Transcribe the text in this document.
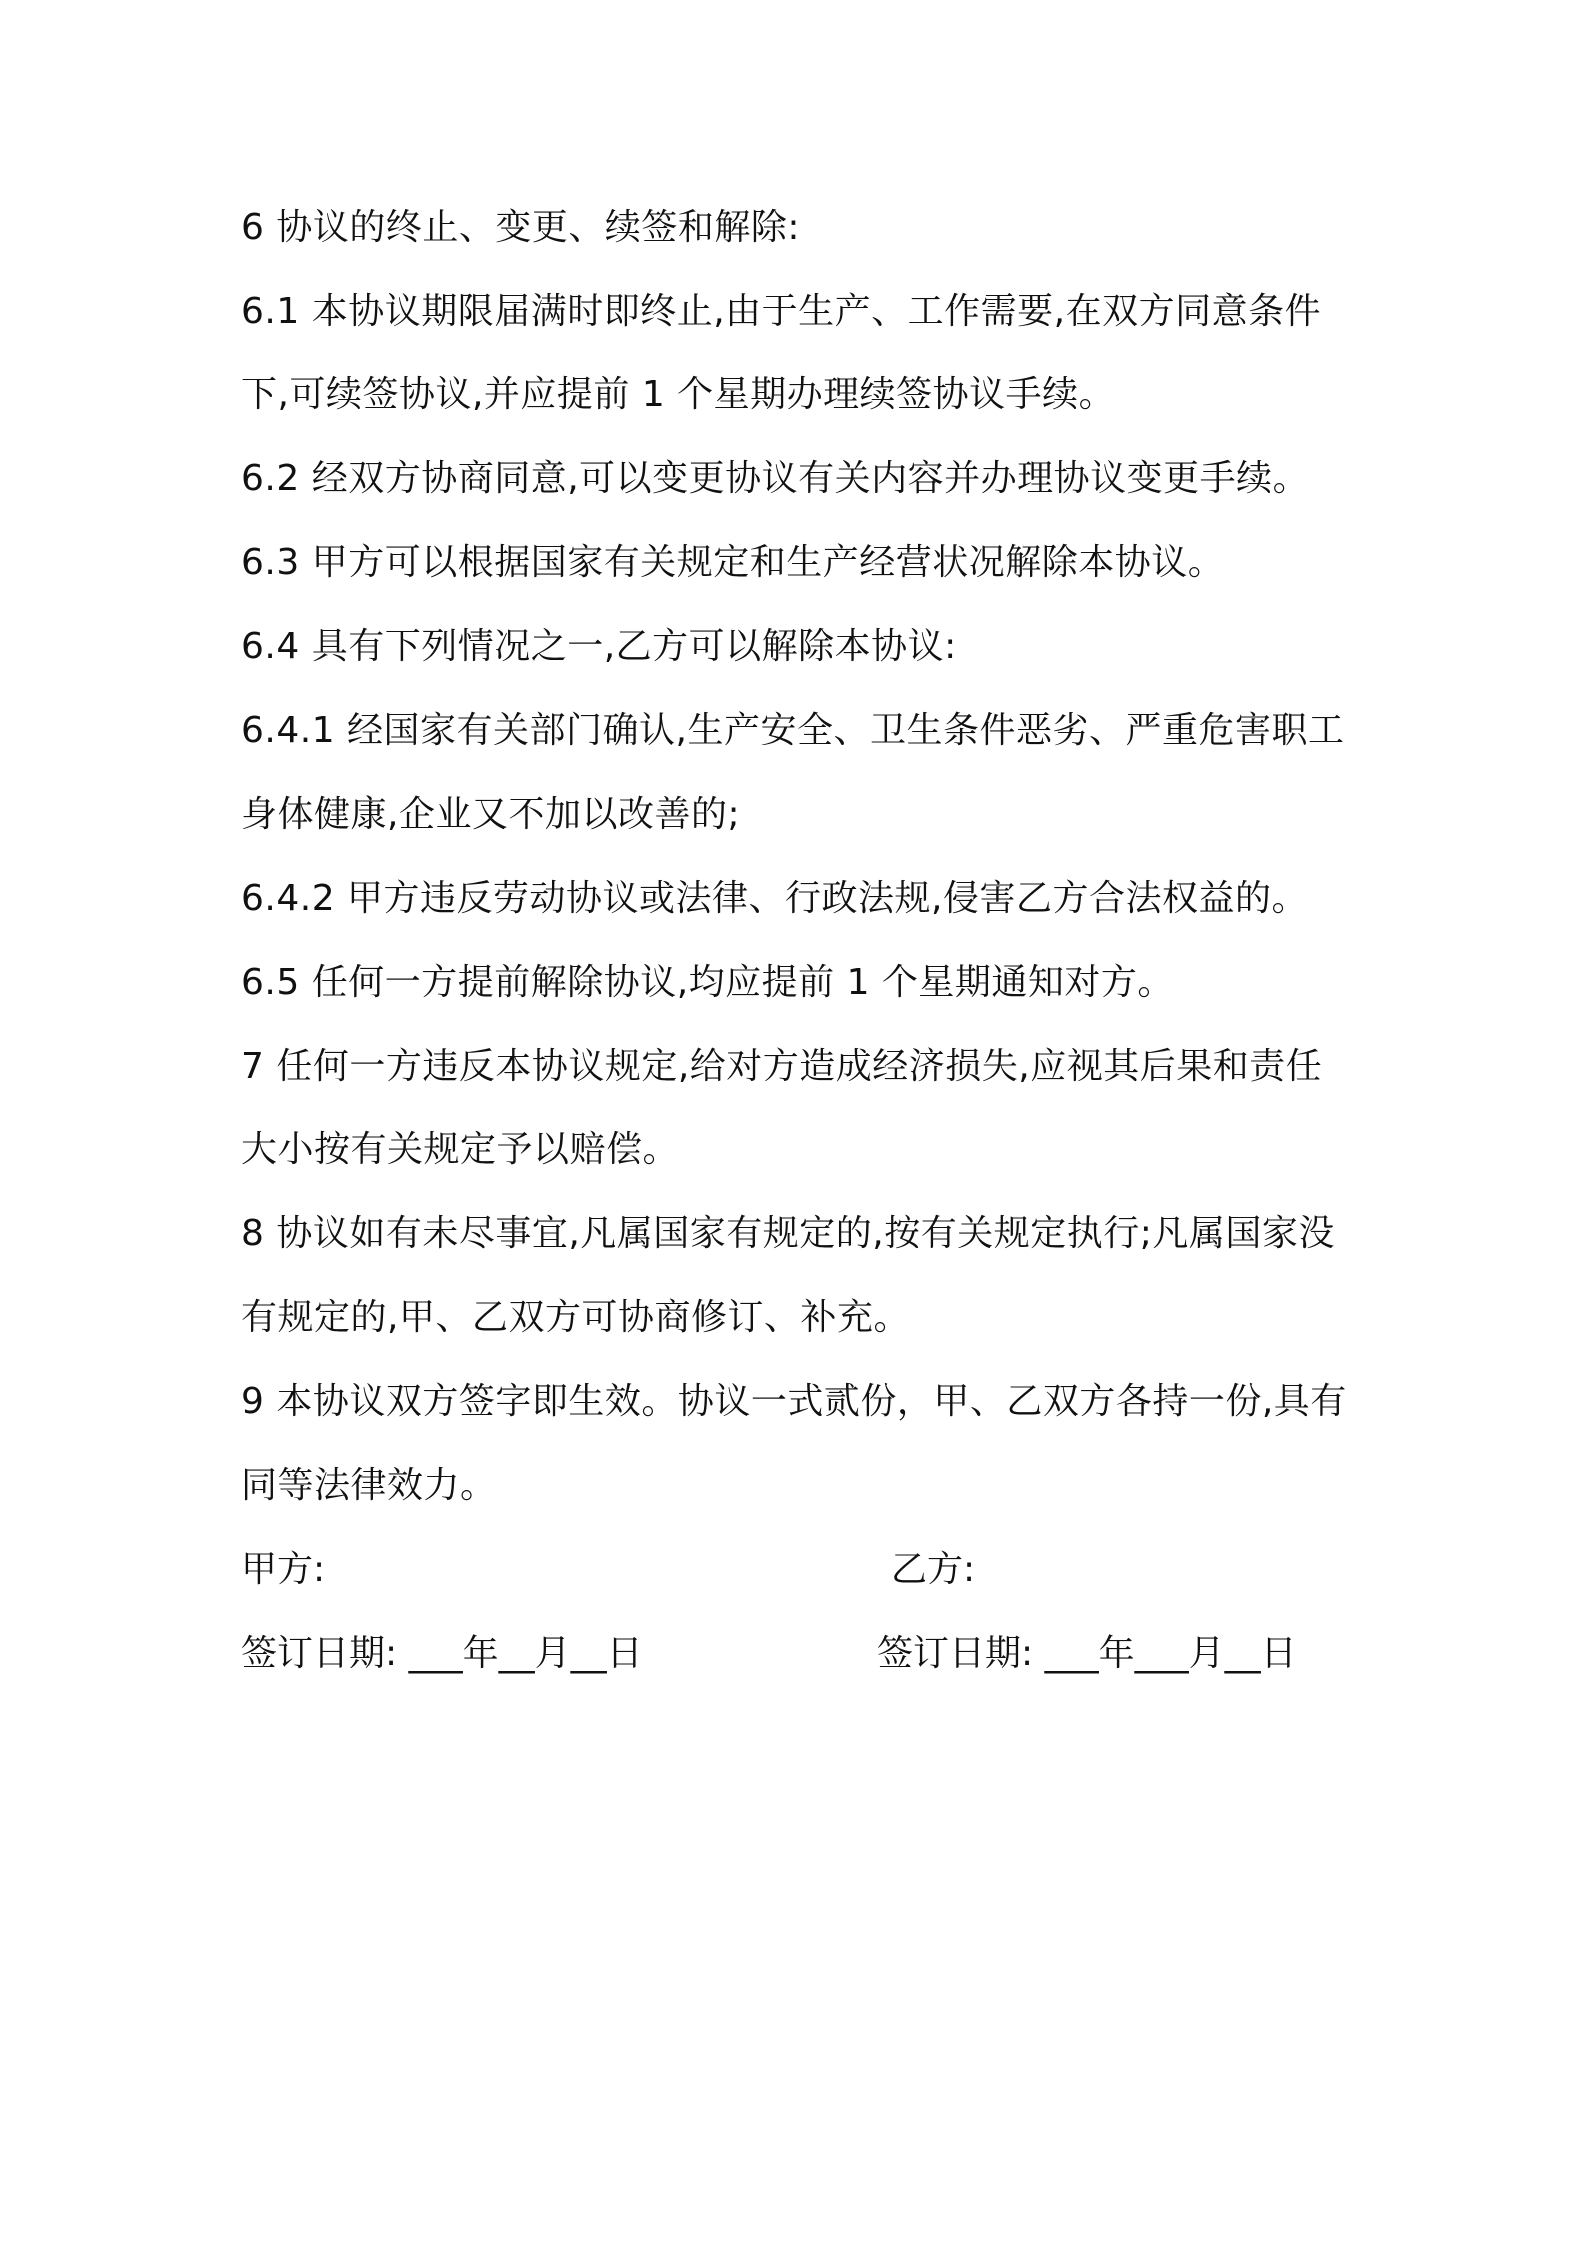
6 协议的终止、变更、续签和解除:
6.1 本协议期限届满时即终止,由于生产、工作需要,在双方同意条件
下,可续签协议,并应提前 1 个星期办理续签协议手续。
6.2 经双方协商同意,可以变更协议有关内容并办理协议变更手续。
6.3 甲方可以根据国家有关规定和生产经营状况解除本协议。
6.4 具有下列情况之一,乙方可以解除本协议:
6.4.1 经国家有关部门确认,生产安全、卫生条件恶劣、严重危害职工
身体健康,企业又不加以改善的;
6.4.2 甲方违反劳动协议或法律、行政法规,侵害乙方合法权益的。
6.5 任何一方提前解除协议,均应提前 1 个星期通知对方。
7 任何一方违反本协议规定,给对方造成经济损失,应视其后果和责任
大小按有关规定予以赔偿。
8 协议如有未尽事宜,凡属国家有规定的,按有关规定执行;凡属国家没
有规定的,甲、乙双方可协商修订、补充。
9 本协议双方签字即生效。协议一式贰份，甲、乙双方各持一份,具有
同等法律效力。
甲方:	乙方:
签订日期: ___年__月__日	签订日期: ___年___月__日
